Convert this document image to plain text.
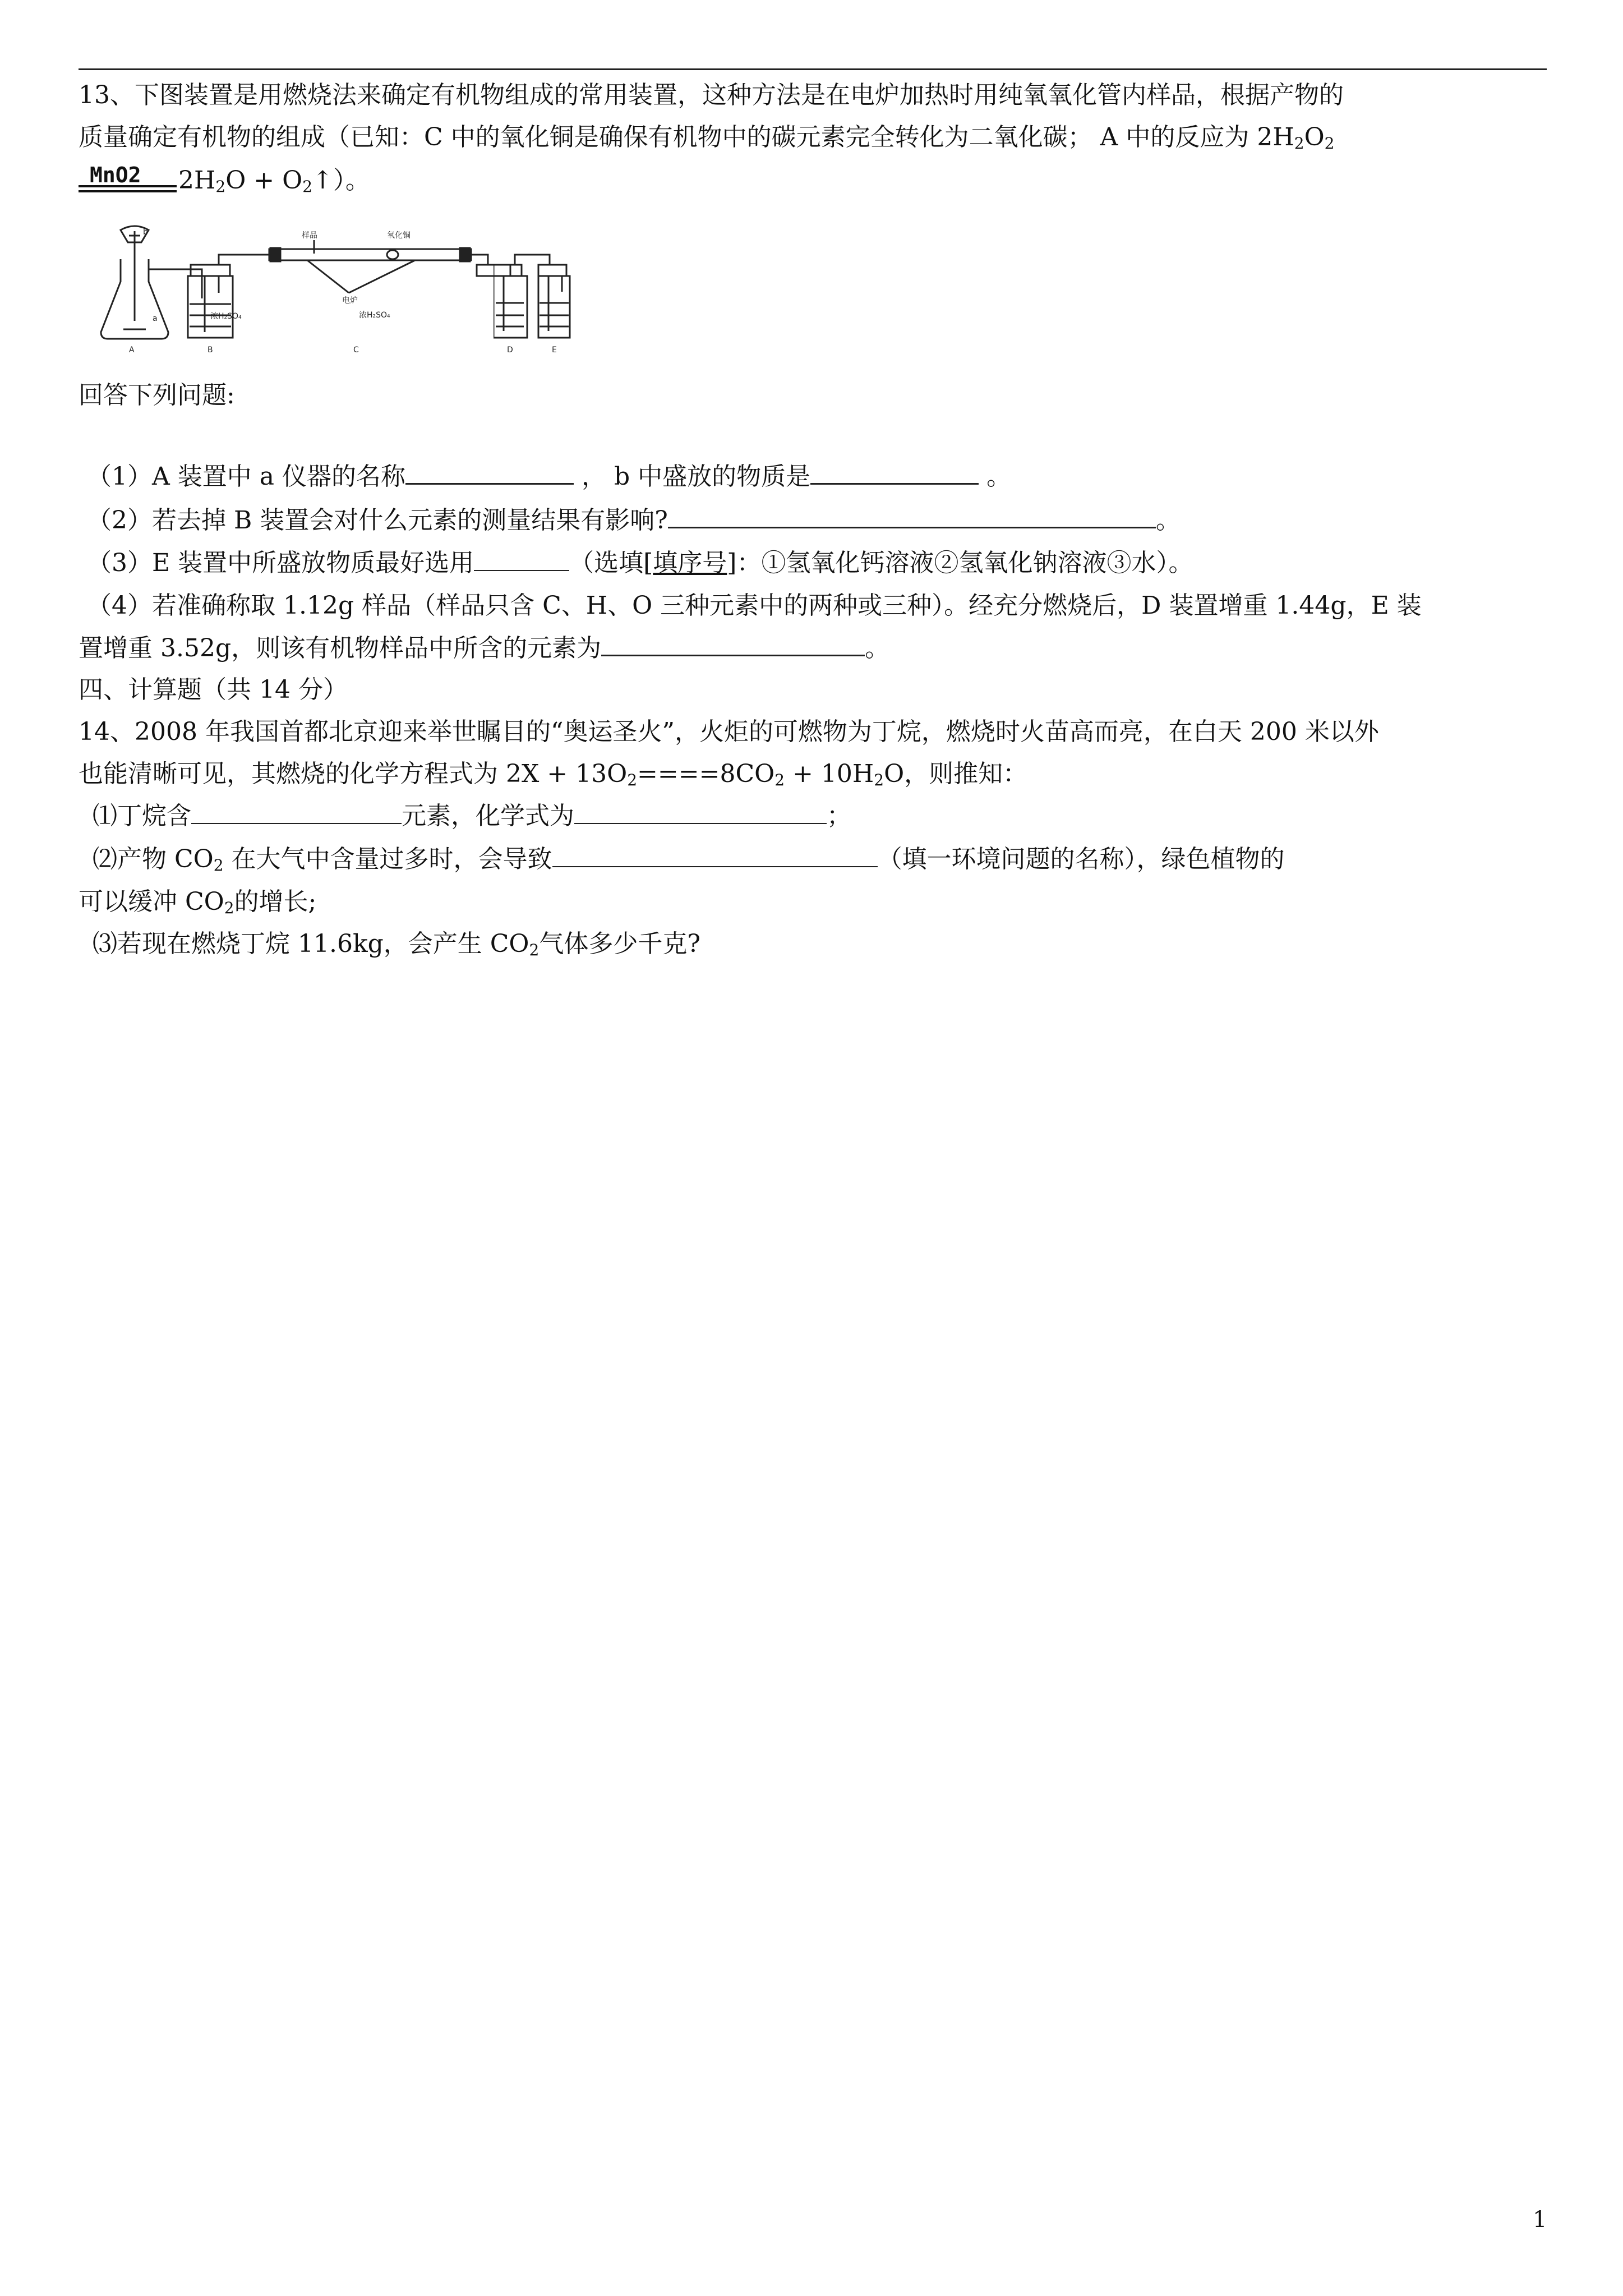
13、下图装置是用燃烧法来确定有机物组成的常用装置，这种方法是在电炉加热时用纯氧氧化管内样品，根据产物的
质量确定有机物的组成（已知：C 中的氧化铜是确保有机物中的碳元素完全转化为二氧化碳； A 中的反应为 $2H_2O_2$
MnO2 $2H_2O$ + $O_2↑$）。
b
a
样品	氧化铜
电炉
浓H₂SO₄
A	B	C	D	E
浓H₂SO₄
回答下列问题:
（1）A 装置中 a 仪器的名称	， b 中盛放的物质是	。
（2）若去掉 B 装置会对什么元素的测量结果有影响?	。
（3）E 装置中所盛放物质最好选用	（选填[填序号]：①氢氧化钙溶液②氢氧化钠溶液③水）。
（4）若准确称取 1.12g 样品（样品只含 C、H、O 三种元素中的两种或三种）。经充分燃烧后，D 装置增重 1.44g，E 装
置增重 3.52g，则该有机物样品中所含的元素为	。
四、计算题（共 14 分）
14、2008 年我国首都北京迎来举世瞩目的“奥运圣火”，火炬的可燃物为丁烷，燃烧时火苗高而亮，在白天 200 米以外
也能清晰可见，其燃烧的化学方程式为 $2X + 13O_2====8CO_2 + 10H_2O$，则推知：
⑴丁烷含	元素，化学式为	；
⑵产物 $CO_2$ 在大气中含量过多时，会导致	（填一环境问题的名称），绿色植物的
可以缓冲 $CO_2$的增长;
⑶若现在燃烧丁烷 11.6kg，会产生 $CO_2$气体多少千克?
1
